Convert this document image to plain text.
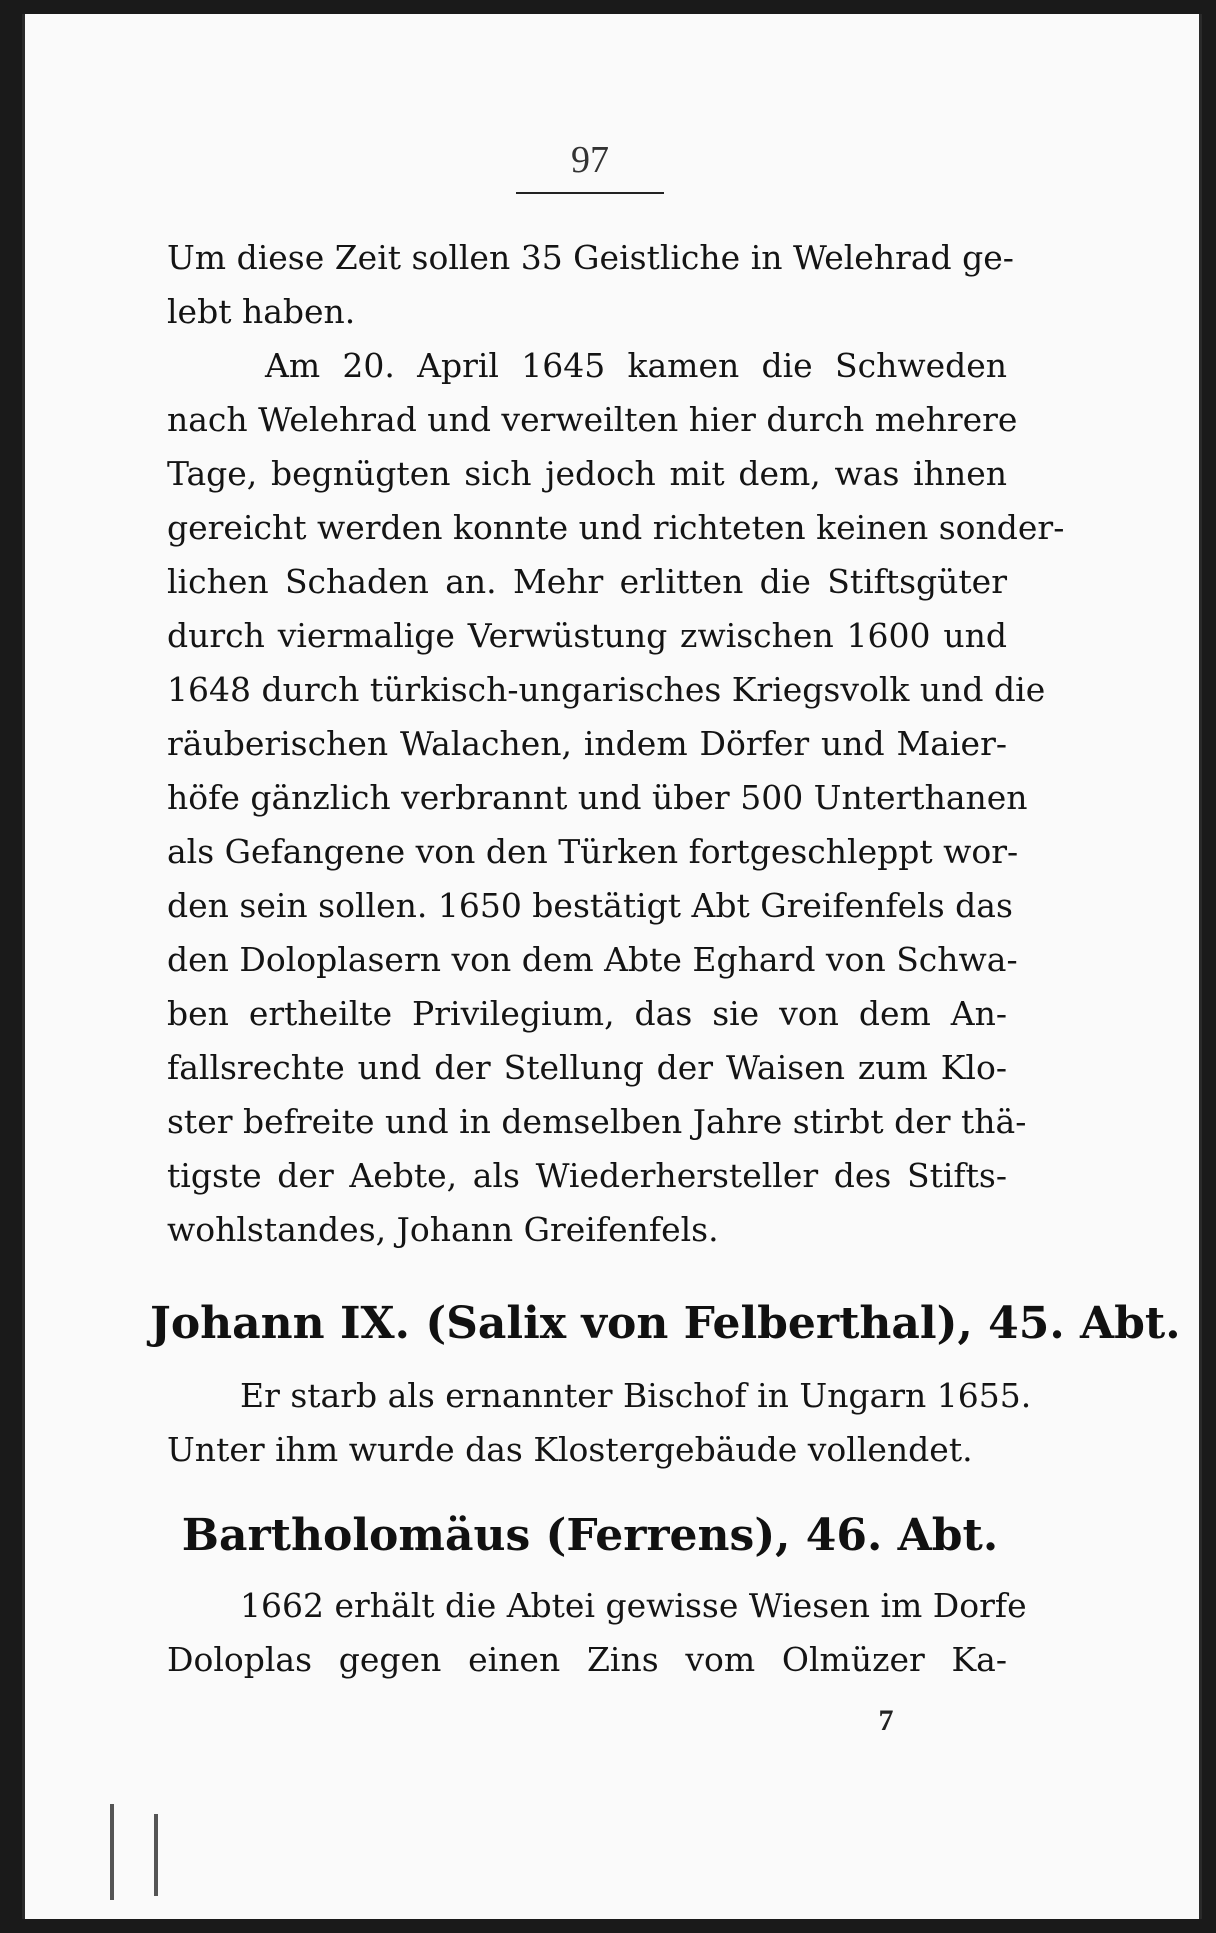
97

Um diese Zeit sollen 35 Geistliche in Welehrad ge-

lebt haben.

Am 20. April 1645 kamen die Schweden

nach Welehrad und verweilten hier durch mehrere

Tage, begnügten sich jedoch mit dem, was ihnen

gereicht werden konnte und richteten keinen sonder-

lichen Schaden an. Mehr erlitten die Stiftsgüter

durch viermalige Verwüstung zwischen 1600 und

1648 durch türkisch-ungarisches Kriegsvolk und die

räuberischen Walachen, indem Dörfer und Maier-

höfe gänzlich verbrannt und über 500 Unterthanen

als Gefangene von den Türken fortgeschleppt wor-

den sein sollen. 1650 bestätigt Abt Greifenfels das

den Doloplasern von dem Abte Eghard von Schwa-

ben ertheilte Privilegium, das sie von dem An-

fallsrechte und der Stellung der Waisen zum Klo-

ster befreite und in demselben Jahre stirbt der thä-

tigste der Aebte, als Wiederhersteller des Stifts-

wohlstandes, Johann Greifenfels.

Johann IX. (Salix von Felberthal), 45. Abt.

Er starb als ernannter Bischof in Ungarn 1655.

Unter ihm wurde das Klostergebäude vollendet.

Bartholomäus (Ferrens), 46. Abt.

1662 erhält die Abtei gewisse Wiesen im Dorfe

Doloplas gegen einen Zins vom Olmüzer Ka-

7
